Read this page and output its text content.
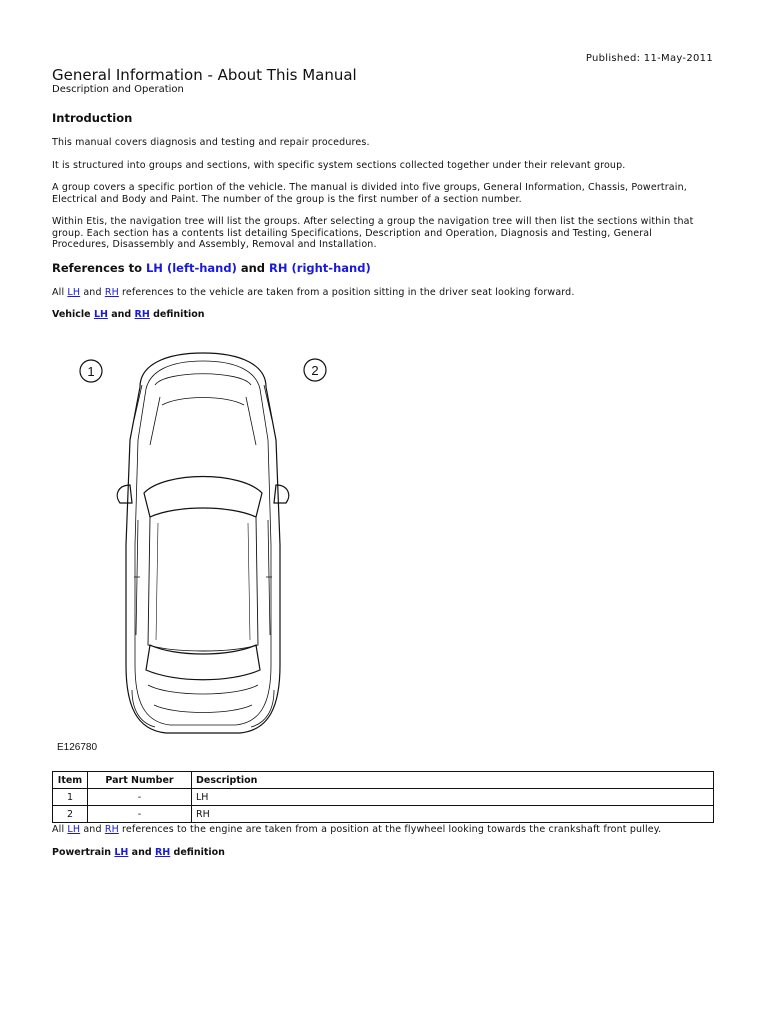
Published: 11-May-2011
General Information - About This Manual
Description and Operation
Introduction
This manual covers diagnosis and testing and repair procedures.
It is structured into groups and sections, with specific system sections collected together under their relevant group.
A group covers a specific portion of the vehicle. The manual is divided into five groups, General Information, Chassis, Powertrain, Electrical and Body and Paint. The number of the group is the first number of a section number.
Within Etis, the navigation tree will list the groups. After selecting a group the navigation tree will then list the sections within that group. Each section has a contents list detailing Specifications, Description and Operation, Diagnosis and Testing, General Procedures, Disassembly and Assembly, Removal and Installation.
References to LH (left-hand) and RH (right-hand)
All LH and RH references to the vehicle are taken from a position sitting in the driver seat looking forward.
Vehicle LH and RH definition
1	2
E126780
Item	Part Number	Description
1	-	LH
2	-	RH
All LH and RH references to the engine are taken from a position at the flywheel looking towards the crankshaft front pulley.
Powertrain LH and RH definition
